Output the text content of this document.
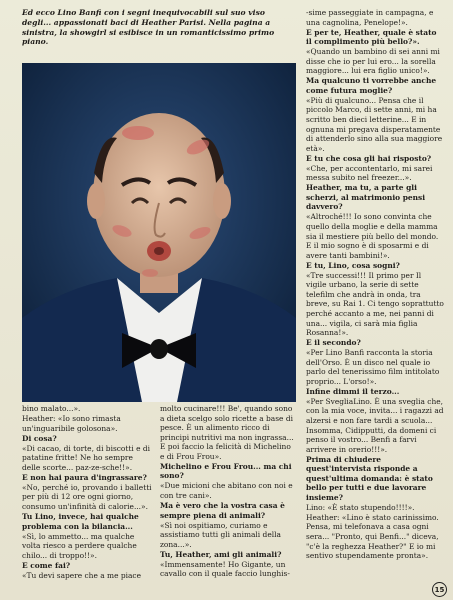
Ed ecco Lino Banfi con i segni inequivocabili sul suo viso degli... appassionati baci di Heather Parisi. Nella pagina a sinistra, la showgirl si esibisce in un romanticissimo primo piano.

bino malato...».

Heather: «Io sono rimasta un'inguaribile golosona».

Di cosa?

«Di cacao, di torte, di biscotti e di patatine fritte! Ne ho sempre delle scorte... paz-ze-sche!!».

E non hai paura d'ingrassare?

«No, perché io, provando i balletti per più di 12 ore ogni giorno, consumo un'infinità di calorie...».

Tu Lino, invece, hai qualche problema con la bilancia...

«Sì, lo ammetto... ma qualche volta riesco a perdere qualche chilo... di troppo!!».

E come fai?

«Tu devi sapere che a me piace

molto cucinare!!! Be', quando sono a dieta scelgo solo ricette a base di pesce. È un alimento ricco di principi nutritivi ma non ingrassa... E poi faccio la felicità di Michelino e di Frou Frou».

Michelino e Frou Frou... ma chi sono?

«Due micioni che abitano con noi e con tre cani».

Ma è vero che la vostra casa è sempre piena di animali?

«Sì noi ospitiamo, curiamo e assistiamo tutti gli animali della zona...».

Tu, Heather, ami gli animali?

«Immensamente! Ho Gigante, un cavallo con il quale faccio lunghis-

-sime passeggiate in campagna, e una cagnolina, Penelope!».

E per te, Heather, quale è stato il complimento più bello?».

«Quando un bambino di sei anni mi disse che io per lui ero... la sorella maggiore... lui era figlio unico!».

Ma qualcuno ti vorrebbe anche come futura moglie?

«Più di qualcuno... Pensa che il piccolo Marco, di sette anni, mi ha scritto ben dieci letterine... E in ognuna mi pregava disperatamente di attenderlo sino alla sua maggiore età».

E tu che cosa gli hai risposto?

«Che, per accontentarlo, mi sarei messa subito nel freezer...».

Heather, ma tu, a parte gli scherzi, al matrimonio pensi davvero?

«Altroché!!! Io sono convinta che quello della moglie e della mamma sia il mestiere più bello del mondo. E il mio sogno è di sposarmi e di avere tanti bambini!».

E tu, Lino, cosa sogni?

«Tre successi!!! Il primo per Il vigile urbano, la serie di sette telefilm che andrà in onda, tra breve, su Rai 1. Ci tengo soprattutto perché accanto a me, nei panni di una... vigila, ci sarà mia figlia Rosanna!».

E il secondo?

«Per Lino Banfi racconta la storia dell'Orso. È un disco nel quale io parlo del tenerissimo film intitolato proprio... L'orso!».

Infine dimmi il terzo...

«Per SvegliaLino. È una sveglia che, con la mia voce, invita... i ragazzi ad alzersi e non fare tardi a scuola... Insomma, Cidipputti, da domeni ci penso il vostro... Benfi a farvi arrivere in orerio!!!».

Prima di chiudere quest'intervista risponde a quest'ultima domanda: è stato bello per tutti e due lavorare insieme?

Lino: «È stato stupendo!!!!».

Heather: «Lino è stato carinissimo. Pensa, mi telefonava a casa ogni sera... "Pronto, qui Benfi..." diceva, "c'è la reghezza Heather?" E io mi sentivo stupendamente pronta».

15
